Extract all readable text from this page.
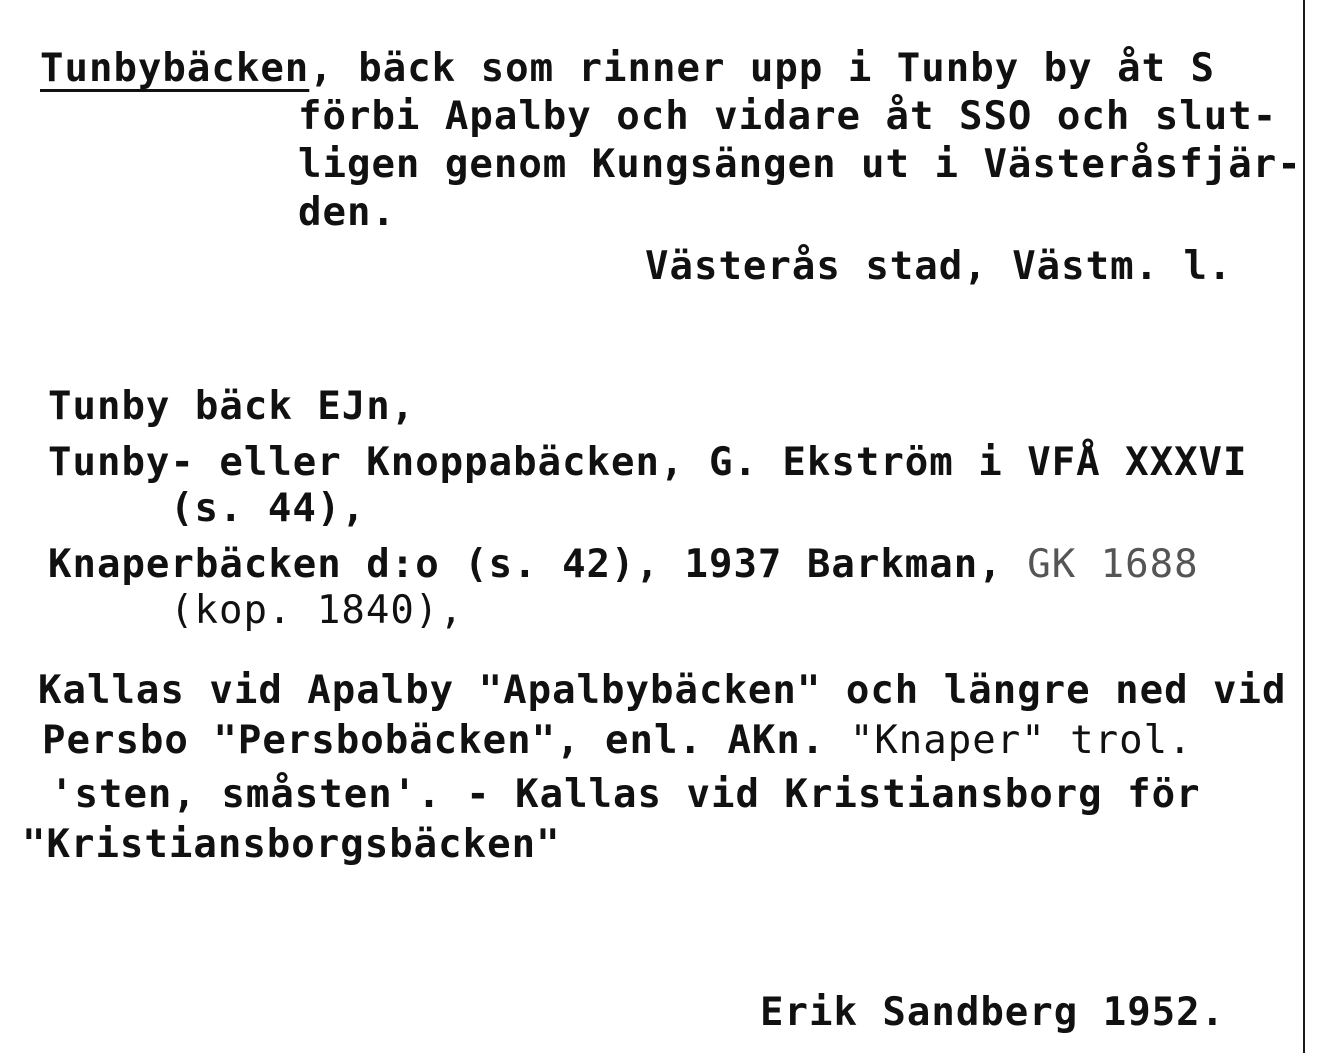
Tunbybäcken, bäck som rinner upp i Tunby by åt S
förbi Apalby och vidare åt SSO och slut-
ligen genom Kungsängen ut i Västeråsfjär-
den.
Västerås stad, Västm. l.
Tunby bäck EJn,
Tunby- eller Knoppabäcken, G. Ekström i VFÅ XXXVI
(s. 44),
Knaperbäcken d:o (s. 42), 1937 Barkman, GK 1688
(kop. 1840),
Kallas vid Apalby "Apalbybäcken" och längre ned vid
Persbo "Persbobäcken", enl. AKn. "Knaper" trol.
'sten, småsten'. - Kallas vid Kristiansborg för
"Kristiansborgsbäcken"
Erik Sandberg 1952.
